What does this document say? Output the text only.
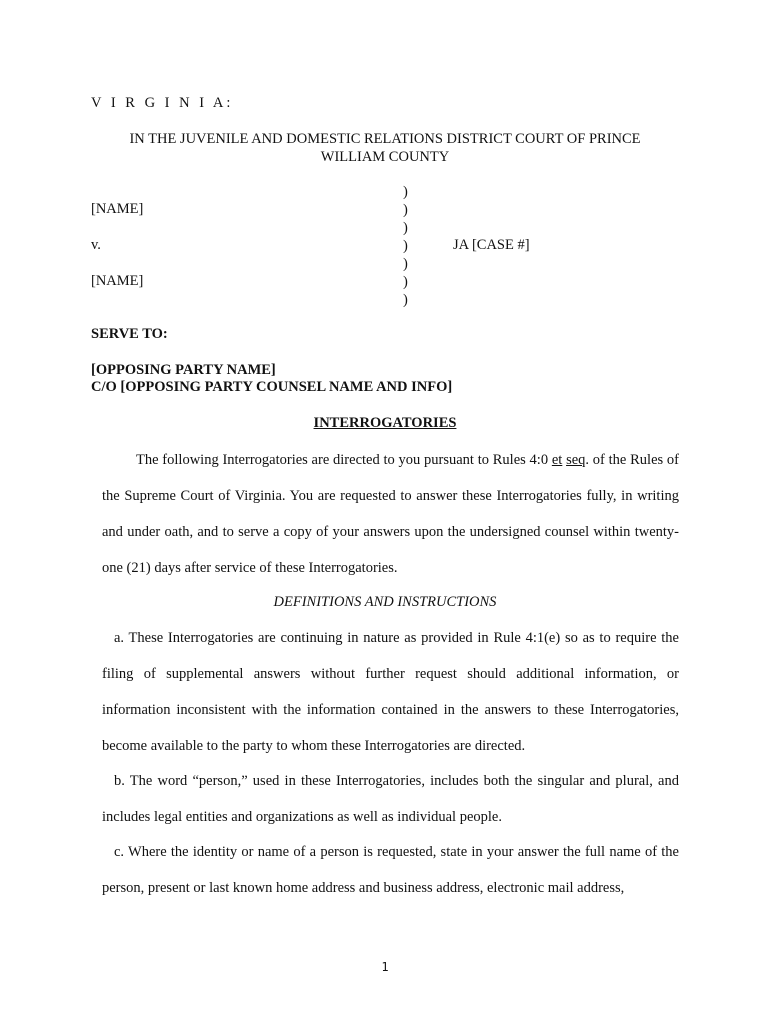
V I R G I N I A:
IN THE JUVENILE AND DOMESTIC RELATIONS DISTRICT COURT OF PRINCE
WILLIAM COUNTY
[NAME]
v.
[NAME]
)
)
)
)
)
)
)
JA [CASE #]
SERVE TO:
[OPPOSING PARTY NAME]
C/O [OPPOSING PARTY COUNSEL NAME AND INFO]
INTERROGATORIES
The following Interrogatories are directed to you pursuant to Rules 4:0 et seq. of the Rules of the Supreme Court of Virginia. You are requested to answer these Interrogatories fully, in writing and under oath, and to serve a copy of your answers upon the undersigned counsel within twenty-one (21) days after service of these Interrogatories.
DEFINITIONS AND INSTRUCTIONS
a. These Interrogatories are continuing in nature as provided in Rule 4:1(e) so as to require the filing of supplemental answers without further request should additional information, or information inconsistent with the information contained in the answers to these Interrogatories, become available to the party to whom these Interrogatories are directed.
b. The word “person,” used in these Interrogatories, includes both the singular and plural, and includes legal entities and organizations as well as individual people.
c. Where the identity or name of a person is requested, state in your answer the full name of the person, present or last known home address and business address, electronic mail address,
1
